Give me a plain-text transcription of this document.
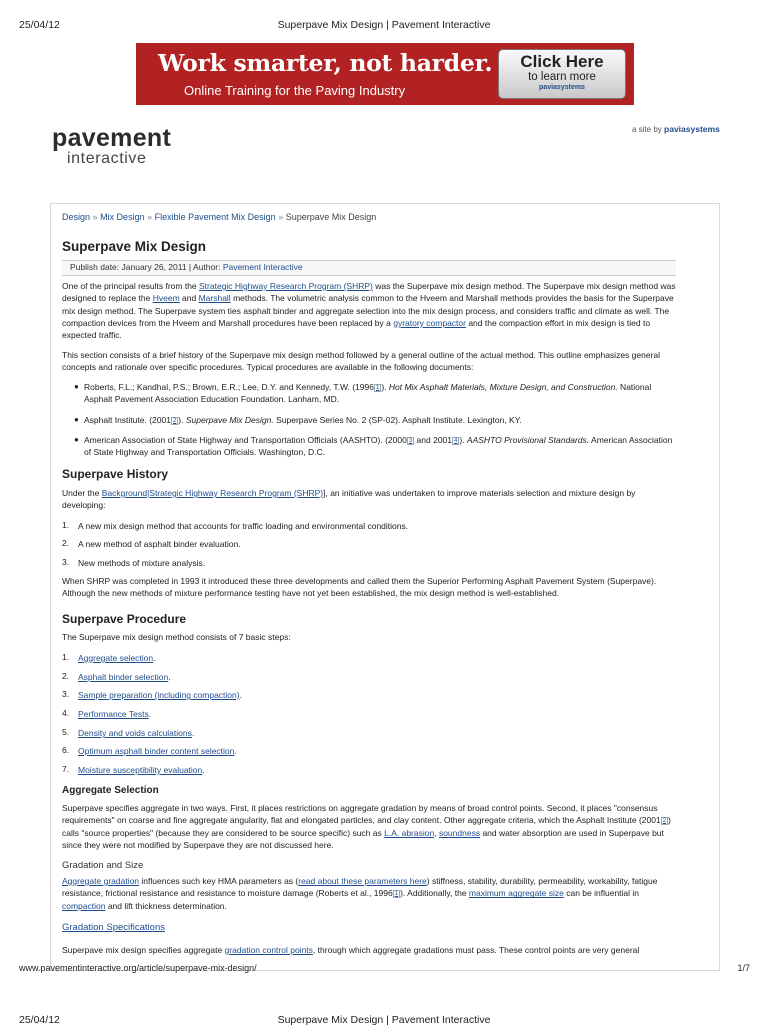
25/04/12	Superpave Mix Design | Pavement Interactive
Work smarter, not harder.
Online Training for the Paving Industry
Click Here
to learn more
paviasystems
pavement
interactive
a site by paviasystems
Design » Mix Design » Flexible Pavement Mix Design » Superpave Mix Design
Superpave Mix Design
Publish date: January 26, 2011 | Author: Pavement Interactive
One of the principal results from the Strategic Highway Research Program (SHRP) was the Superpave mix design method. The Superpave mix design method was designed to replace the Hveem and Marshall methods. The volumetric analysis common to the Hveem and Marshall methods provides the basis for the Superpave mix design method. The Superpave system ties asphalt binder and aggregate selection into the mix design process, and considers traffic and climate as well. The compaction devices from the Hveem and Marshall procedures have been replaced by a gyratory compactor and the compaction effort in mix design is tied to expected traffic.
This section consists of a brief history of the Superpave mix design method followed by a general outline of the actual method. This outline emphasizes general concepts and rationale over specific procedures. Typical procedures are available in the following documents:
● Roberts, F.L.; Kandhal, P.S.; Brown, E.R.; Lee, D.Y. and Kennedy, T.W. (1996 1 ). Hot Mix Asphalt Materials, Mixture Design, and Construction. National Asphalt Pavement Association Education Foundation. Lanham, MD.
● Asphalt Institute. (2001 2 ). Superpave Mix Design. Superpave Series No. 2 (SP-02). Asphalt Institute. Lexington, KY.
● American Association of State Highway and Transportation Officials (AASHTO). (2000 3 and 2001 4 ). AASHTO Provisional Standards. American Association of State Highway and Transportation Officials. Washington, D.C.
Superpave History
Under the Background|Strategic Highway Research Program (SHRP)], an initiative was undertaken to improve materials selection and mixture design by developing:
1. A new mix design method that accounts for traffic loading and environmental conditions.
2. A new method of asphalt binder evaluation.
3. New methods of mixture analysis.
When SHRP was completed in 1993 it introduced these three developments and called them the Superior Performing Asphalt Pavement System (Superpave). Although the new methods of mixture performance testing have not yet been established, the mix design method is well-established.
Superpave Procedure
The Superpave mix design method consists of 7 basic steps:
1. Aggregate selection.
2. Asphalt binder selection.
3. Sample preparation (including compaction).
4. Performance Tests.
5. Density and voids calculations.
6. Optimum asphalt binder content selection.
7. Moisture susceptibility evaluation.
Aggregate Selection
Superpave specifies aggregate in two ways. First, it places restrictions on aggregate gradation by means of broad control points. Second, it places "consensus requirements" on coarse and fine aggregate angularity, flat and elongated particles, and clay content. Other aggregate criteria, which the Asphalt Institute (2001 2 ) calls "source properties" (because they are considered to be source specific) such as L.A. abrasion, soundness and water absorption are used in Superpave but since they were not modified by Superpave they are not discussed here.
Gradation and Size
Aggregate gradation influences such key HMA parameters as (read about these parameters here) stiffness, stability, durability, permeability, workability, fatigue resistance, frictional resistance and resistance to moisture damage (Roberts et al., 1996 1 ). Additionally, the maximum aggregate size can be influential in compaction and lift thickness determination.
Gradation Specifications
Superpave mix design specifies aggregate gradation control points, through which aggregate gradations must pass. These control points are very general
www.pavementinteractive.org/article/superpave-mix-design/	1/7
25/04/12	Superpave Mix Design | Pavement Interactive
